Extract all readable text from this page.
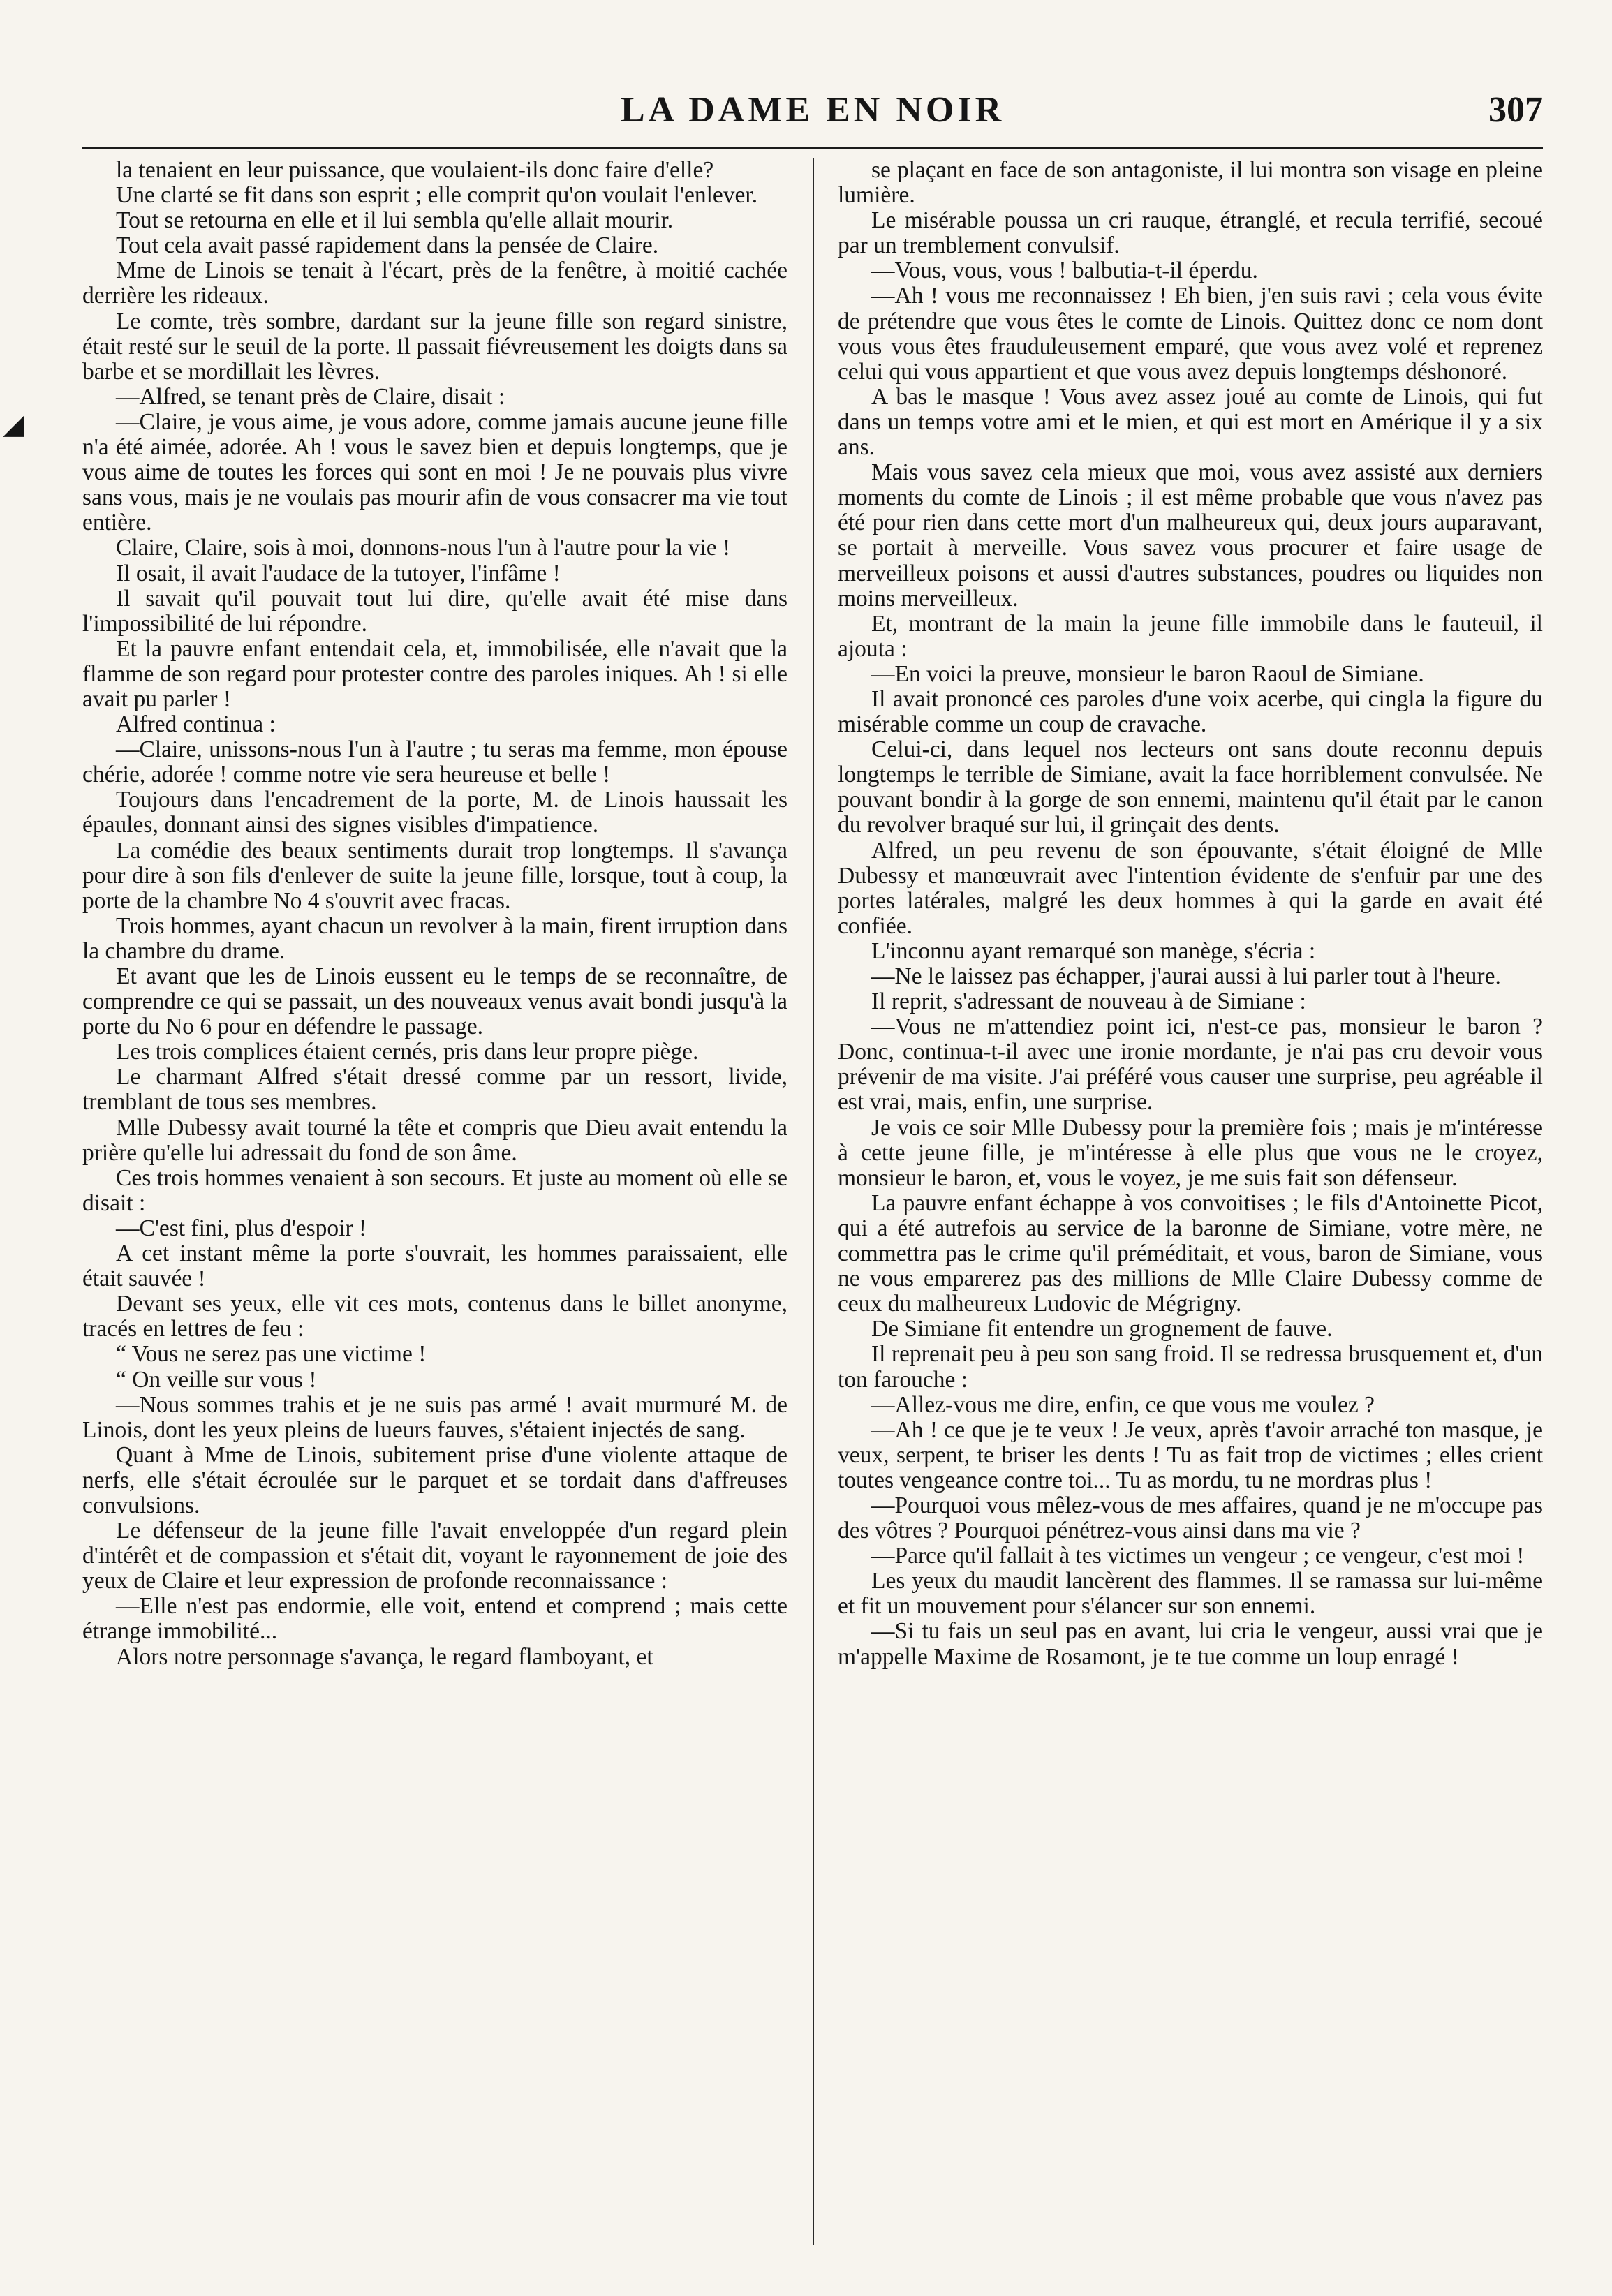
LA DAME EN NOIR	307
◢

la tenaient en leur puissance, que voulaient-ils donc faire d'elle?

Une clarté se fit dans son esprit ; elle comprit qu'on voulait l'enlever.

Tout se retourna en elle et il lui sembla qu'elle allait mourir.

Tout cela avait passé rapidement dans la pensée de Claire.

Mme de Linois se tenait à l'écart, près de la fenêtre, à moitié cachée derrière les rideaux.

Le comte, très sombre, dardant sur la jeune fille son regard sinistre, était resté sur le seuil de la porte. Il passait fiévreusement les doigts dans sa barbe et se mordillait les lèvres.

—Alfred, se tenant près de Claire, disait :

—Claire, je vous aime, je vous adore, comme jamais aucune jeune fille n'a été aimée, adorée. Ah ! vous le savez bien et depuis longtemps, que je vous aime de toutes les forces qui sont en moi ! Je ne pouvais plus vivre sans vous, mais je ne voulais pas mourir afin de vous consacrer ma vie tout entière.

Claire, Claire, sois à moi, donnons-nous l'un à l'autre pour la vie !

Il osait, il avait l'audace de la tutoyer, l'infâme !

Il savait qu'il pouvait tout lui dire, qu'elle avait été mise dans l'impossibilité de lui répondre.

Et la pauvre enfant entendait cela, et, immobilisée, elle n'avait que la flamme de son regard pour protester contre des paroles iniques. Ah ! si elle avait pu parler !

Alfred continua :

—Claire, unissons-nous l'un à l'autre ; tu seras ma femme, mon épouse chérie, adorée ! comme notre vie sera heureuse et belle !

Toujours dans l'encadrement de la porte, M. de Linois haussait les épaules, donnant ainsi des signes visibles d'impatience.

La comédie des beaux sentiments durait trop longtemps. Il s'avança pour dire à son fils d'enlever de suite la jeune fille, lorsque, tout à coup, la porte de la chambre No 4 s'ouvrit avec fracas.

Trois hommes, ayant chacun un revolver à la main, firent irruption dans la chambre du drame.

Et avant que les de Linois eussent eu le temps de se reconnaître, de comprendre ce qui se passait, un des nouveaux venus avait bondi jusqu'à la porte du No 6 pour en défendre le passage.

Les trois complices étaient cernés, pris dans leur propre piège.

Le charmant Alfred s'était dressé comme par un ressort, livide, tremblant de tous ses membres.

Mlle Dubessy avait tourné la tête et compris que Dieu avait entendu la prière qu'elle lui adressait du fond de son âme.

Ces trois hommes venaient à son secours. Et juste au moment où elle se disait :

—C'est fini, plus d'espoir !

A cet instant même la porte s'ouvrait, les hommes paraissaient, elle était sauvée !

Devant ses yeux, elle vit ces mots, contenus dans le billet anonyme, tracés en lettres de feu :

“ Vous ne serez pas une victime !

“ On veille sur vous !

—Nous sommes trahis et je ne suis pas armé ! avait murmuré M. de Linois, dont les yeux pleins de lueurs fauves, s'étaient injectés de sang.

Quant à Mme de Linois, subitement prise d'une violente attaque de nerfs, elle s'était écroulée sur le parquet et se tordait dans d'affreuses convulsions.

Le défenseur de la jeune fille l'avait enveloppée d'un regard plein d'intérêt et de compassion et s'était dit, voyant le rayonnement de joie des yeux de Claire et leur expression de profonde reconnaissance :

—Elle n'est pas endormie, elle voit, entend et comprend ; mais cette étrange immobilité...

Alors notre personnage s'avança, le regard flamboyant, et

se plaçant en face de son antagoniste, il lui montra son visage en pleine lumière.

Le misérable poussa un cri rauque, étranglé, et recula terrifié, secoué par un tremblement convulsif.

—Vous, vous, vous ! balbutia-t-il éperdu.

—Ah ! vous me reconnaissez ! Eh bien, j'en suis ravi ; cela vous évite de prétendre que vous êtes le comte de Linois. Quittez donc ce nom dont vous vous êtes frauduleusement emparé, que vous avez volé et reprenez celui qui vous appartient et que vous avez depuis longtemps déshonoré.

A bas le masque ! Vous avez assez joué au comte de Linois, qui fut dans un temps votre ami et le mien, et qui est mort en Amérique il y a six ans.

Mais vous savez cela mieux que moi, vous avez assisté aux derniers moments du comte de Linois ; il est même probable que vous n'avez pas été pour rien dans cette mort d'un malheureux qui, deux jours auparavant, se portait à merveille. Vous savez vous procurer et faire usage de merveilleux poisons et aussi d'autres substances, poudres ou liquides non moins merveilleux.

Et, montrant de la main la jeune fille immobile dans le fauteuil, il ajouta :

—En voici la preuve, monsieur le baron Raoul de Simiane.

Il avait prononcé ces paroles d'une voix acerbe, qui cingla la figure du misérable comme un coup de cravache.

Celui-ci, dans lequel nos lecteurs ont sans doute reconnu depuis longtemps le terrible de Simiane, avait la face horriblement convulsée. Ne pouvant bondir à la gorge de son ennemi, maintenu qu'il était par le canon du revolver braqué sur lui, il grinçait des dents.

Alfred, un peu revenu de son épouvante, s'était éloigné de Mlle Dubessy et manœuvrait avec l'intention évidente de s'enfuir par une des portes latérales, malgré les deux hommes à qui la garde en avait été confiée.

L'inconnu ayant remarqué son manège, s'écria :

—Ne le laissez pas échapper, j'aurai aussi à lui parler tout à l'heure.

Il reprit, s'adressant de nouveau à de Simiane :

—Vous ne m'attendiez point ici, n'est-ce pas, monsieur le baron ? Donc, continua-t-il avec une ironie mordante, je n'ai pas cru devoir vous prévenir de ma visite. J'ai préféré vous causer une surprise, peu agréable il est vrai, mais, enfin, une surprise.

Je vois ce soir Mlle Dubessy pour la première fois ; mais je m'intéresse à cette jeune fille, je m'intéresse à elle plus que vous ne le croyez, monsieur le baron, et, vous le voyez, je me suis fait son défenseur.

La pauvre enfant échappe à vos convoitises ; le fils d'Antoinette Picot, qui a été autrefois au service de la baronne de Simiane, votre mère, ne commettra pas le crime qu'il préméditait, et vous, baron de Simiane, vous ne vous emparerez pas des millions de Mlle Claire Dubessy comme de ceux du malheureux Ludovic de Mégrigny.

De Simiane fit entendre un grognement de fauve.

Il reprenait peu à peu son sang froid. Il se redressa brusquement et, d'un ton farouche :

—Allez-vous me dire, enfin, ce que vous me voulez ?

—Ah ! ce que je te veux ! Je veux, après t'avoir arraché ton masque, je veux, serpent, te briser les dents ! Tu as fait trop de victimes ; elles crient toutes vengeance contre toi... Tu as mordu, tu ne mordras plus !

—Pourquoi vous mêlez-vous de mes affaires, quand je ne m'occupe pas des vôtres ? Pourquoi pénétrez-vous ainsi dans ma vie ?

—Parce qu'il fallait à tes victimes un vengeur ; ce vengeur, c'est moi !

Les yeux du maudit lancèrent des flammes. Il se ramassa sur lui-même et fit un mouvement pour s'élancer sur son ennemi.

—Si tu fais un seul pas en avant, lui cria le vengeur, aussi vrai que je m'appelle Maxime de Rosamont, je te tue comme un loup enragé !
